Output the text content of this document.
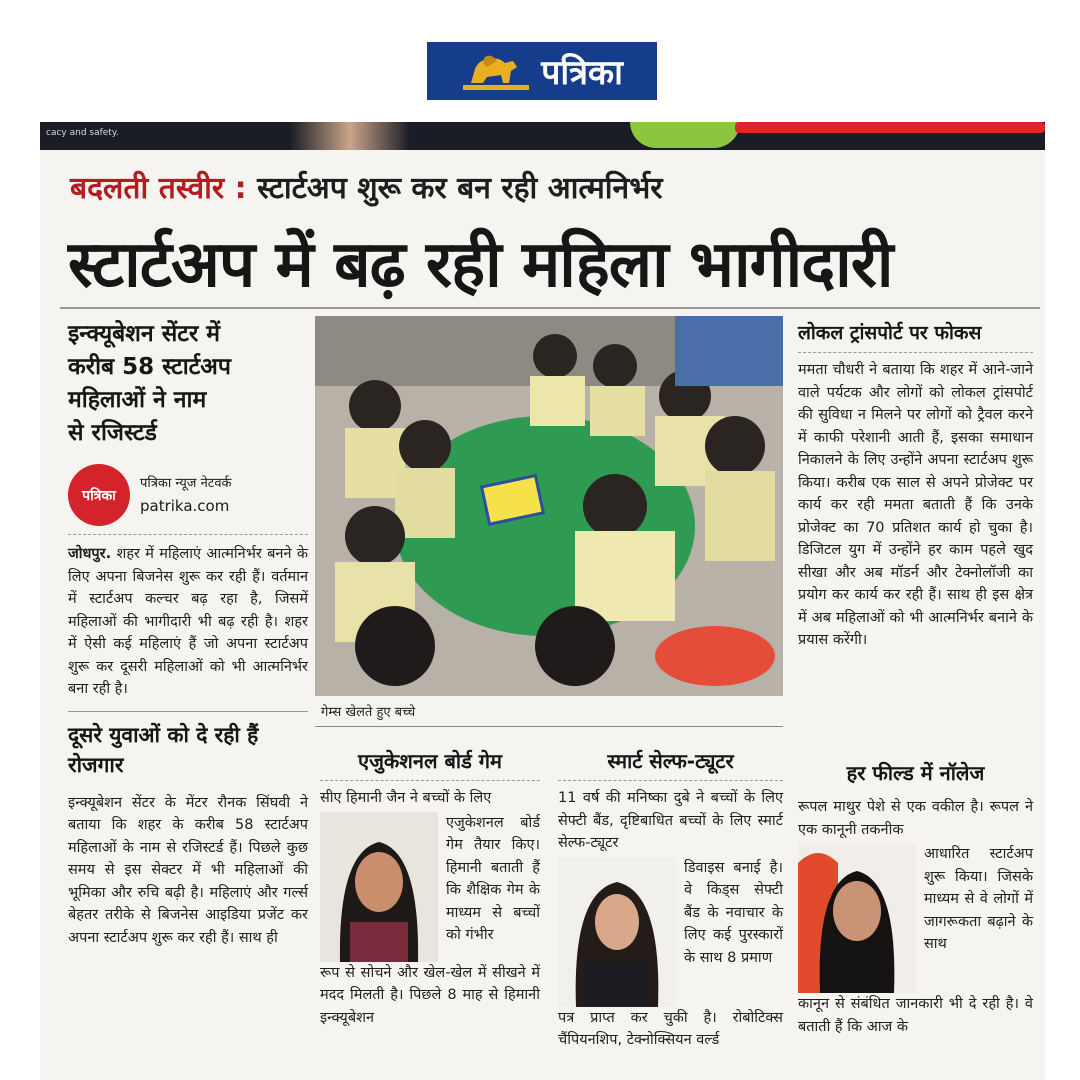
पत्रिका
cacy and safety.
बदलती तस्वीर : स्टार्टअप शुरू कर बन रही आत्मनिर्भर
स्टार्टअप में बढ़ रही महिला भागीदारी
इन्क्यूबेशन सेंटर में
करीब 58 स्टार्टअप
महिलाओं ने नाम
से रजिस्टर्ड
पत्रिका
पत्रिका न्यूज नेटवर्क
patrika.com

जोधपुर. शहर में महिलाएं आत्मनिर्भर बनने के लिए अपना बिजनेस शुरू कर रही हैं। वर्तमान में स्टार्टअप कल्चर बढ़ रहा है, जिसमें महिलाओं की भागीदारी भी बढ़ रही है। शहर में ऐसी कई महिलाएं हैं जो अपना स्टार्टअप शुरू कर दूसरी महिलाओं को भी आत्मनिर्भर बना रही है।

दूसरे युवाओं को दे रही हैं रोजगार

इन्क्यूबेशन सेंटर के मेंटर रौनक सिंघवी ने बताया कि शहर के करीब 58 स्टार्टअप महिलाओं के नाम से रजिस्टर्ड हैं। पिछले कुछ समय से इस सेक्टर में भी महिलाओं की भूमिका और रुचि बढ़ी है। महिलाएं और गर्ल्स बेहतर तरीके से बिजनेस आइडिया प्रजेंट कर अपना स्टार्टअप शुरू कर रही हैं। साथ ही

गेम्स खेलते हुए बच्चे
लोकल ट्रांसपोर्ट पर फोकस

ममता चौधरी ने बताया कि शहर में आने-जाने वाले पर्यटक और लोगों को लोकल ट्रांसपोर्ट की सुविधा न मिलने पर लोगों को ट्रैवल करने में काफी परेशानी आती हैं, इसका समाधान निकालने के लिए उन्होंने अपना स्टार्टअप शुरू किया। करीब एक साल से अपने प्रोजेक्ट पर कार्य कर रही ममता बताती हैं कि उनके प्रोजेक्ट का 70 प्रतिशत कार्य हो चुका है। डिजिटल युग में उन्होंने हर काम पहले खुद सीखा और अब मॉडर्न और टेक्नोलॉजी का प्रयोग कर कार्य कर रही हैं। साथ ही इस क्षेत्र में अब महिलाओं को भी आत्मनिर्भर बनाने के प्रयास करेंगी।

एजुकेशनल बोर्ड गेम

सीए हिमानी जैन ने बच्चों के लिए

एजुकेशनल बोर्ड गेम तैयार किए। हिमानी बताती हैं कि शैक्षिक गेम के माध्यम से बच्चों को गंभीर

रूप से सोचने और खेल-खेल में सीखने में मदद मिलती है। पिछले 8 माह से हिमानी इन्क्यूबेशन

स्मार्ट सेल्फ-ट्यूटर

11 वर्ष की मनिष्का दुबे ने बच्चों के लिए सेफ्टी बैंड, दृष्टिबाधित बच्चों के लिए स्मार्ट सेल्फ-ट्यूटर

डिवाइस बनाई है। वे किड्स सेफ्टी बैंड के नवाचार के लिए कई पुरस्कारों के साथ 8 प्रमाण

पत्र प्राप्त कर चुकी है। रोबोटिक्स चैंपियनशिप, टेक्नोक्सियन वर्ल्ड

हर फील्ड में नॉलेज

रूपल माथुर पेशे से एक वकील है। रूपल ने एक कानूनी तकनीक

आधारित स्टार्टअप शुरू किया। जिसके माध्यम से वे लोगों में जागरूकता बढ़ाने के साथ

कानून से संबंधित जानकारी भी दे रही है। वे बताती हैं कि आज के
